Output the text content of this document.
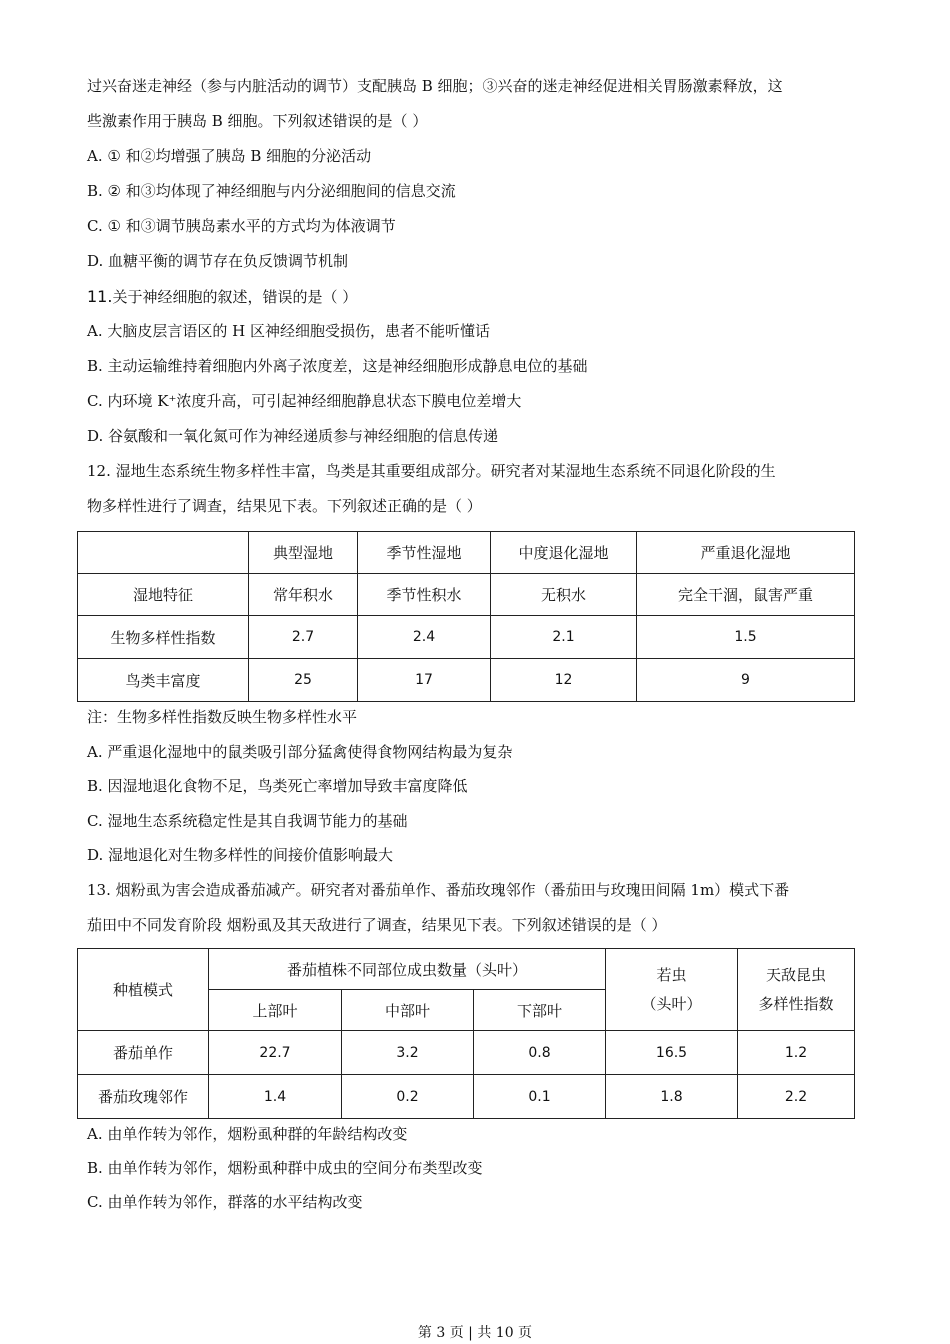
过兴奋迷走神经（参与内脏活动的调节）支配胰岛 B 细胞；③兴奋的迷走神经促进相关胃肠激素释放，这
些激素作用于胰岛 B 细胞。下列叙述错误的是（ ）
A. ① 和②均增强了胰岛 B 细胞的分泌活动
B. ② 和③均体现了神经细胞与内分泌细胞间的信息交流
C. ① 和③调节胰岛素水平的方式均为体液调节
D. 血糖平衡的调节存在负反馈调节机制
11.关于神经细胞的叙述，错误的是（ ）
A. 大脑皮层言语区的 H 区神经细胞受损伤，患者不能听懂话
B. 主动运输维持着细胞内外离子浓度差，这是神经细胞形成静息电位的基础
C. 内环境 K⁺浓度升高，可引起神经细胞静息状态下膜电位差增大
D. 谷氨酸和一氧化氮可作为神经递质参与神经细胞的信息传递
12. 湿地生态系统生物多样性丰富，鸟类是其重要组成部分。研究者对某湿地生态系统不同退化阶段的生
物多样性进行了调查，结果见下表。下列叙述正确的是（ ）
	典型湿地	季节性湿地	中度退化湿地	严重退化湿地
湿地特征	常年积水	季节性积水	无积水	完全干涸，鼠害严重
生物多样性指数	2.7	2.4	2.1	1.5
鸟类丰富度	25	17	12	9
注：生物多样性指数反映生物多样性水平
A. 严重退化湿地中的鼠类吸引部分猛禽使得食物网结构最为复杂
B. 因湿地退化食物不足，鸟类死亡率增加导致丰富度降低
C. 湿地生态系统稳定性是其自我调节能力的基础
D. 湿地退化对生物多样性的间接价值影响最大
13. 烟粉虱为害会造成番茄减产。研究者对番茄单作、番茄玫瑰邻作（番茄田与玫瑰田间隔 1m）模式下番
茄田中不同发育阶段 烟粉虱及其天敌进行了调查，结果见下表。下列叙述错误的是（ ）
种植模式	番茄植株不同部位成虫数量（头叶）	若虫
（头叶）

天敌昆虫
多样性指数

上部叶	中部叶	下部叶
番茄单作	22.7	3.2	0.8	16.5	1.2
番茄玫瑰邻作	1.4	0.2	0.1	1.8	2.2
A. 由单作转为邻作，烟粉虱种群的年龄结构改变
B. 由单作转为邻作，烟粉虱种群中成虫的空间分布类型改变
C. 由单作转为邻作，群落的水平结构改变
第 3 页 | 共 10 页
